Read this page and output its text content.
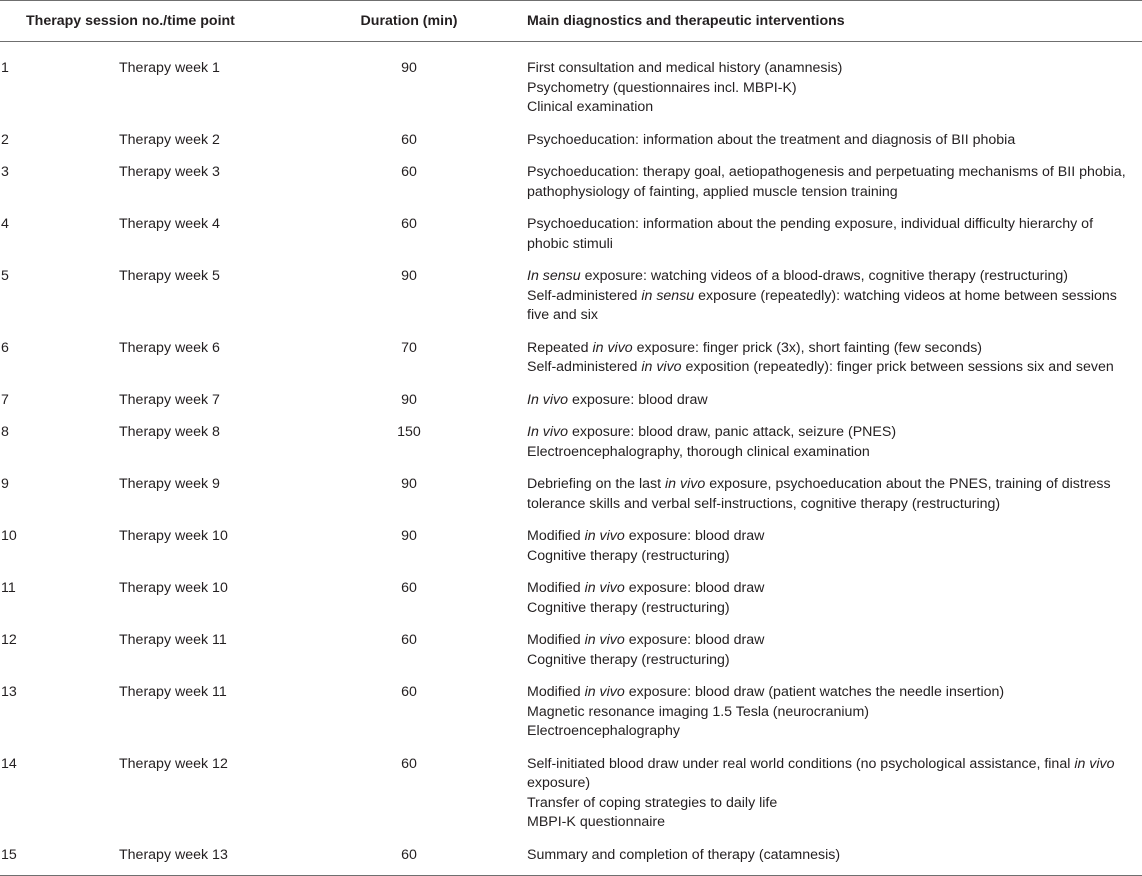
Therapy session no./time point		Duration (min)	Main diagnostics and therapeutic interventions
1	Therapy week 1	90	First consultation and medical history (anamnesis)
Psychometry (questionnaires incl. MBPI-K)
Clinical examination

2	Therapy week 2	60	Psychoeducation: information about the treatment and diagnosis of BII phobia

3	Therapy week 3	60	Psychoeducation: therapy goal, aetiopathogenesis and perpetuating mechanisms of BII phobia, pathophysiology of fainting, applied muscle tension training

4	Therapy week 4	60	Psychoeducation: information about the pending exposure, individual difficulty hierarchy of phobic stimuli

5	Therapy week 5	90	In sensu exposure: watching videos of a blood-draws, cognitive therapy (restructuring)
Self-administered in sensu exposure (repeatedly): watching videos at home between sessions five and six

6	Therapy week 6	70	Repeated in vivo exposure: finger prick (3x), short fainting (few seconds)
Self-administered in vivo exposition (repeatedly): finger prick between sessions six and seven

7	Therapy week 7	90	In vivo exposure: blood draw

8	Therapy week 8	150	In vivo exposure: blood draw, panic attack, seizure (PNES)
Electroencephalography, thorough clinical examination

9	Therapy week 9	90	Debriefing on the last in vivo exposure, psychoeducation about the PNES, training of distress tolerance skills and verbal self-instructions, cognitive therapy (restructuring)

10	Therapy week 10	90	Modified in vivo exposure: blood draw
Cognitive therapy (restructuring)

11	Therapy week 10	60	Modified in vivo exposure: blood draw
Cognitive therapy (restructuring)

12	Therapy week 11	60	Modified in vivo exposure: blood draw
Cognitive therapy (restructuring)

13	Therapy week 11	60	Modified in vivo exposure: blood draw (patient watches the needle insertion)
Magnetic resonance imaging 1.5 Tesla (neurocranium)
Electroencephalography

14	Therapy week 12	60	Self-initiated blood draw under real world conditions (no psychological assistance, final in vivo exposure)
Transfer of coping strategies to daily life
MBPI-K questionnaire

15	Therapy week 13	60	Summary and completion of therapy (catamnesis)
